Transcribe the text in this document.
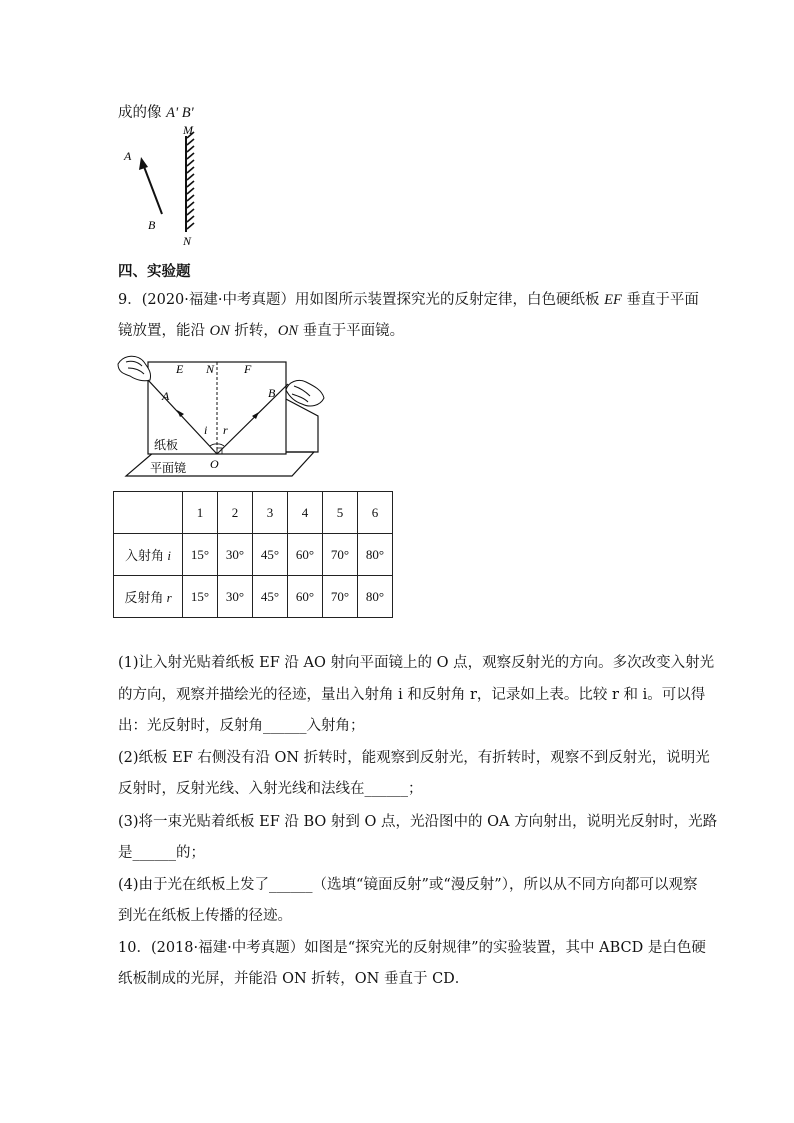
成的像 A' B'
M
N
A
B
四、实验题
9．(2020·福建·中考真题）用如图所示装置探究光的反射定律，白色硬纸板 EF 垂直于平面
镜放置，能沿 ON 折转，ON 垂直于平面镜。
E N F
A	B
i r
O
纸板
平面镜
	1	2	3	4	5	6
入射角 i	15°	30°	45°	60°	70°	80°
反射角 r	15°	30°	45°	60°	70°	80°
(1)让入射光贴着纸板 EF 沿 AO 射向平面镜上的 O 点，观察反射光的方向。多次改变入射光
的方向，观察并描绘光的径迹，量出入射角 i 和反射角 r，记录如上表。比较 r 和 i。可以得
出：光反射时，反射角______入射角；
(2)纸板 EF 右侧没有沿 ON 折转时，能观察到反射光，有折转时，观察不到反射光，说明光
反射时，反射光线、入射光线和法线在______；
(3)将一束光贴着纸板 EF 沿 BO 射到 O 点，光沿图中的 OA 方向射出，说明光反射时，光路
是______的；
(4)由于光在纸板上发了______（选填“镜面反射”或“漫反射”），所以从不同方向都可以观察
到光在纸板上传播的径迹。
10．(2018·福建·中考真题）如图是“探究光的反射规律”的实验装置，其中 ABCD 是白色硬
纸板制成的光屏，并能沿 ON 折转，ON 垂直于 CD．
